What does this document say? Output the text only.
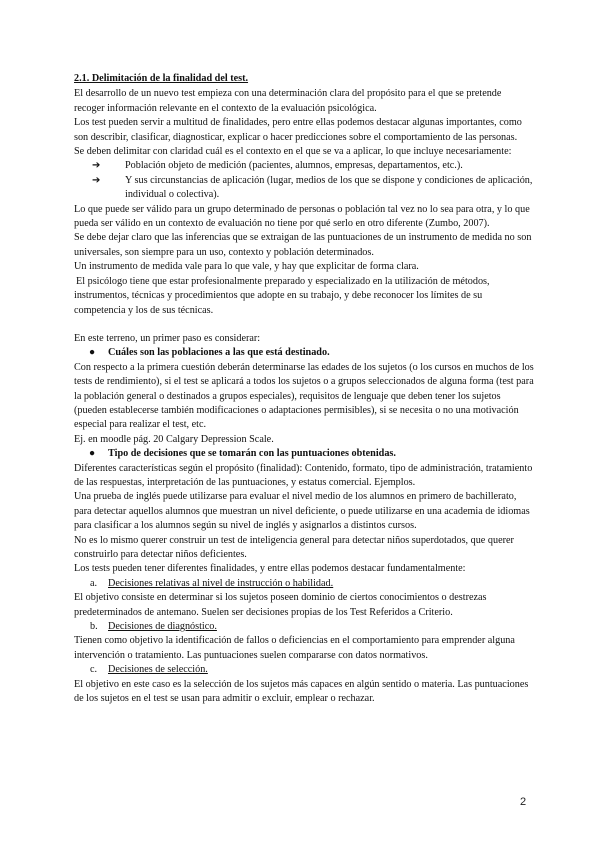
2.1. Delimitación de la finalidad del test.

El desarrollo de un nuevo test empieza con una determinación clara del propósito para el que se pretende recoger información relevante en el contexto de la evaluación psicológica.

Los test pueden servir a multitud de finalidades, pero entre ellas podemos destacar algunas importantes, como son describir, clasificar, diagnosticar, explicar o hacer predicciones sobre el comportamiento de las personas.

Se deben delimitar con claridad cuál es el contexto en el que se va a aplicar, lo que incluye necesariamente:

➔	Población objeto de medición (pacientes, alumnos, empresas, departamentos, etc.).

➔	Y sus circunstancias de aplicación (lugar, medios de los que se dispone y condiciones de aplicación, individual o colectiva).

Lo que puede ser válido para un grupo determinado de personas o población tal vez no lo sea para otra, y lo que pueda ser válido en un contexto de evaluación no tiene por qué serlo en otro diferente (Zumbo, 2007).

Se debe dejar claro que las inferencias que se extraigan de las puntuaciones de un instrumento de medida no son universales, son siempre para un uso, contexto y población determinados.

Un instrumento de medida vale para lo que vale, y hay que explicitar de forma clara.

El psicólogo tiene que estar profesionalmente preparado y especializado en la utilización de métodos, instrumentos, técnicas y procedimientos que adopte en su trabajo, y debe reconocer los límites de su competencia y los de sus técnicas.

En este terreno, un primer paso es considerar:

● Cuáles son las poblaciones a las que está destinado.

Con respecto a la primera cuestión deberán determinarse las edades de los sujetos (o los cursos en muchos de los tests de rendimiento), si el test se aplicará a todos los sujetos o a grupos seleccionados de alguna forma (test para la población general o destinados a grupos especiales), requisitos de lenguaje que deben tener los sujetos (pueden establecerse también modificaciones o adaptaciones permisibles), si se necesita o no una motivación especial para realizar el test, etc.

Ej. en moodle pág. 20 Calgary Depression Scale.

● Tipo de decisiones que se tomarán con las puntuaciones obtenidas.

Diferentes características según el propósito (finalidad): Contenido, formato, tipo de administración, tratamiento de las respuestas, interpretación de las puntuaciones, y estatus comercial. Ejemplos.

Una prueba de inglés puede utilizarse para evaluar el nivel medio de los alumnos en primero de bachillerato, para detectar aquellos alumnos que muestran un nivel deficiente, o puede utilizarse en una academia de idiomas para clasificar a los alumnos según su nivel de inglés y asignarlos a distintos cursos.

No es lo mismo querer construir un test de inteligencia general para detectar niños superdotados, que querer construirlo para detectar niños deficientes.

Los tests pueden tener diferentes finalidades, y entre ellas podemos destacar fundamentalmente:

a. Decisiones relativas al nivel de instrucción o habilidad.

El objetivo consiste en determinar si los sujetos poseen dominio de ciertos conocimientos o destrezas predeterminados de antemano. Suelen ser decisiones propias de los Test Referidos a Criterio.

b. Decisiones de diagnóstico.

Tienen como objetivo la identificación de fallos o deficiencias en el comportamiento para emprender alguna intervención o tratamiento. Las puntuaciones suelen compararse con datos normativos.

c. Decisiones de selección.

El objetivo en este caso es la selección de los sujetos más capaces en algún sentido o materia. Las puntuaciones de los sujetos en el test se usan para admitir o excluir, emplear o rechazar.

2
